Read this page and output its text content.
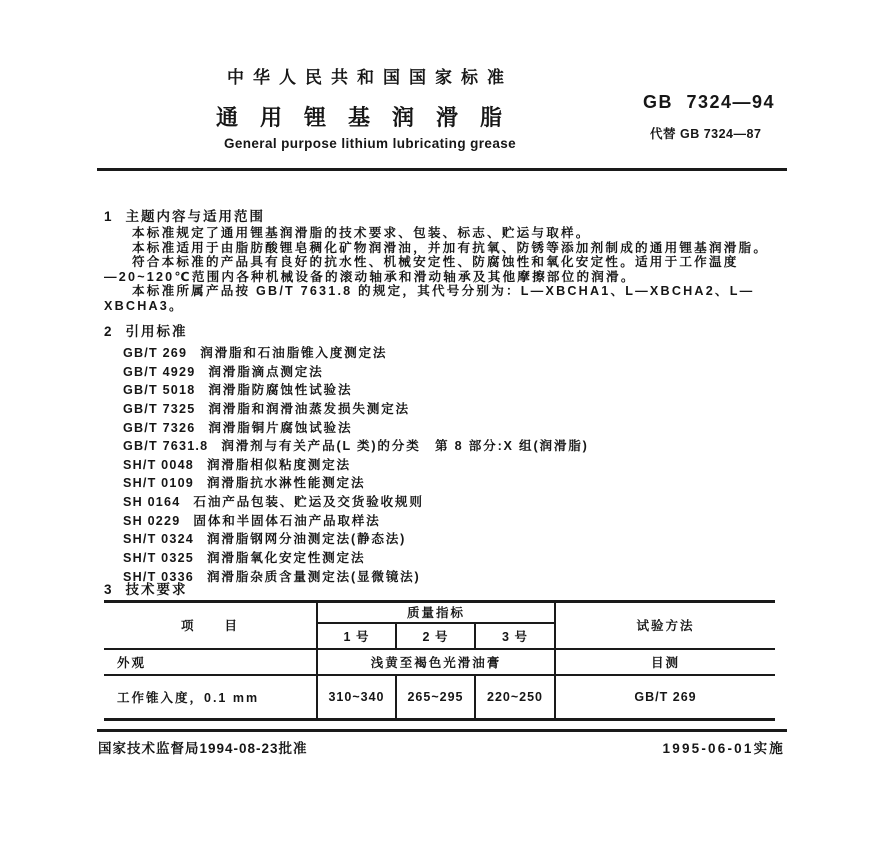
中华人民共和国国家标准
通用锂基润滑脂
General purpose lithium lubricating grease
GB 7324—94
代替 GB 7324—87
1 主题内容与适用范围
本标准规定了通用锂基润滑脂的技术要求、包装、标志、贮运与取样。
本标准适用于由脂肪酸锂皂稠化矿物润滑油，并加有抗氧、防锈等添加剂制成的通用锂基润滑脂。
符合本标准的产品具有良好的抗水性、机械安定性、防腐蚀性和氧化安定性。适用于工作温度
—20~120℃范围内各种机械设备的滚动轴承和滑动轴承及其他摩擦部位的润滑。
本标准所属产品按 GB/T 7631.8 的规定，其代号分别为：L—XBCHA1、L—XBCHA2、L—
XBCHA3。
2 引用标准
GB/T 269 润滑脂和石油脂锥入度测定法
GB/T 4929 润滑脂滴点测定法
GB/T 5018 润滑脂防腐蚀性试验法
GB/T 7325 润滑脂和润滑油蒸发损失测定法
GB/T 7326 润滑脂铜片腐蚀试验法
GB/T 7631.8 润滑剂与有关产品(L 类)的分类　第 8 部分:X 组(润滑脂)
SH/T 0048 润滑脂相似粘度测定法
SH/T 0109 润滑脂抗水淋性能测定法
SH 0164 石油产品包装、贮运及交货验收规则
SH 0229 固体和半固体石油产品取样法
SH/T 0324 润滑脂钢网分油测定法(静态法)
SH/T 0325 润滑脂氧化安定性测定法
SH/T 0336 润滑脂杂质含量测定法(显微镜法)
3 技术要求
项　　目	质量指标			试验方法
	1 号	2 号	3 号	
外观	浅黄至褐色光滑油膏			目测
工作锥入度，0.1 mm	310~340	265~295	220~250	GB/T 269
国家技术监督局1994-08-23批准	1995-06-01实施
